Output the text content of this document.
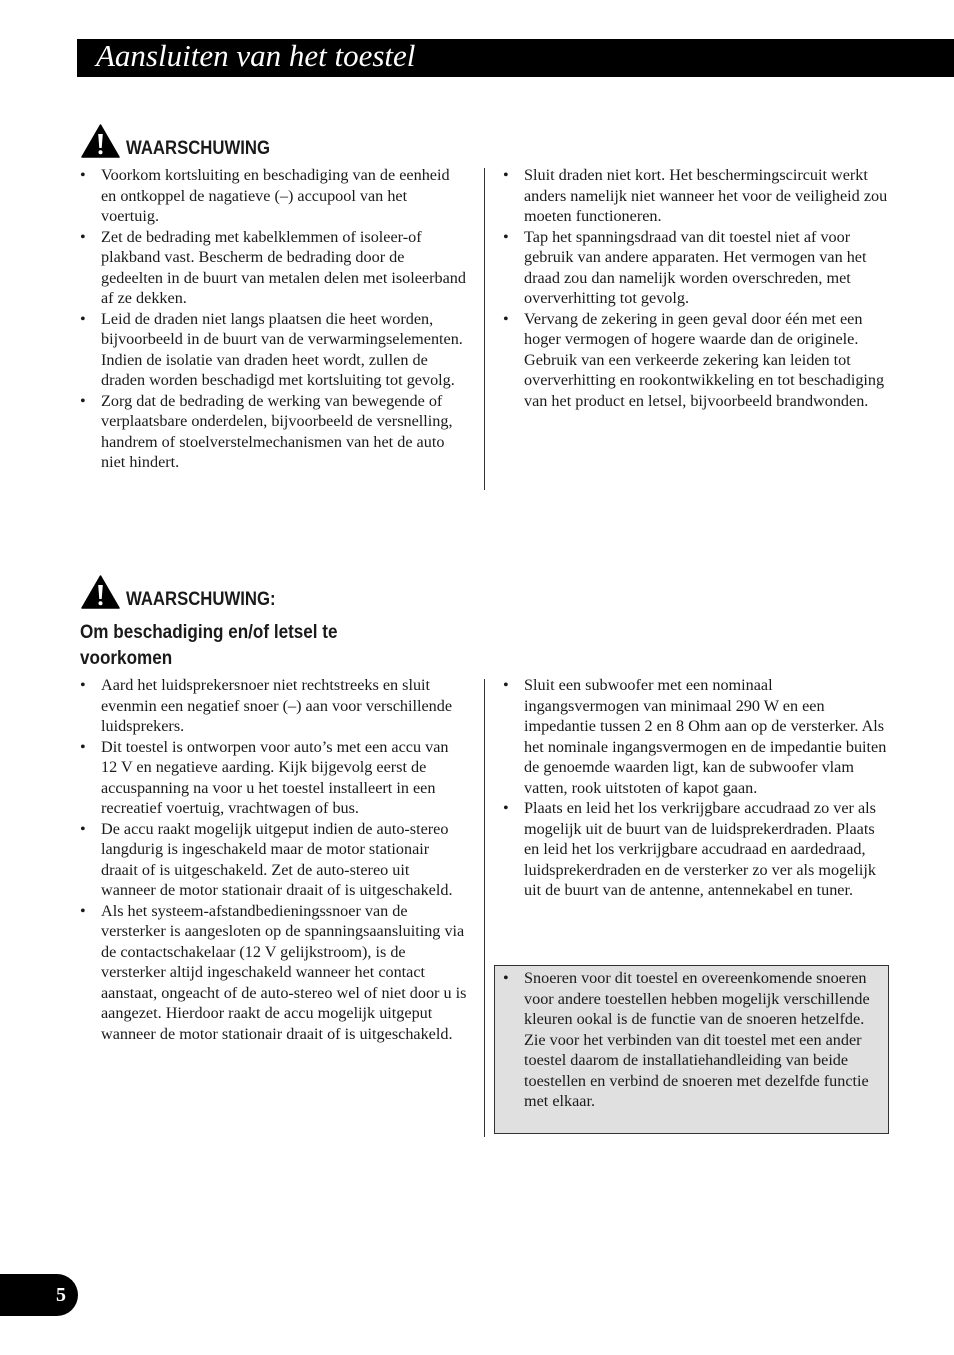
Aansluiten van het toestel
WAARSCHUWING
• Voorkom kortsluiting en beschadiging van de eenheid en ontkoppel de nagatieve (–) accupool van het voertuig.
• Zet de bedrading met kabelklemmen of isoleer-of plakband vast. Bescherm de bedrading door de gedeelten in de buurt van metalen delen met isoleerband af ze dekken.
• Leid de draden niet langs plaatsen die heet worden, bijvoorbeeld in de buurt van de verwarmingselementen. Indien de isolatie van draden heet wordt, zullen de draden worden beschadigd met kortsluiting tot gevolg.
• Zorg dat de bedrading de werking van bewegende of verplaatsbare onderdelen, bijvoorbeeld de versnelling, handrem of stoelverstelmechanismen van het de auto niet hindert.
• Sluit draden niet kort. Het beschermingscircuit werkt anders namelijk niet wanneer het voor de veiligheid zou moeten functioneren.
• Tap het spanningsdraad van dit toestel niet af voor gebruik van andere apparaten. Het vermogen van het draad zou dan namelijk worden overschreden, met oververhitting tot gevolg.
• Vervang de zekering in geen geval door één met een hoger vermogen of hogere waarde dan de originele. Gebruik van een verkeerde zekering kan leiden tot oververhitting en rookontwikkeling en tot beschadiging van het product en letsel, bijvoorbeeld brandwonden.
WAARSCHUWING:
Om beschadiging en/of letsel te voorkomen
• Aard het luidsprekersnoer niet rechtstreeks en sluit evenmin een negatief snoer (–) aan voor verschillende luidsprekers.
• Dit toestel is ontworpen voor auto’s met een accu van 12 V en negatieve aarding. Kijk bijgevolg eerst de accuspanning na voor u het toestel installeert in een recreatief voertuig, vrachtwagen of bus.
• De accu raakt mogelijk uitgeput indien de auto-stereo langdurig is ingeschakeld maar de motor stationair draait of is uitgeschakeld. Zet de auto-stereo uit wanneer de motor stationair draait of is uitgeschakeld.
• Als het systeem-afstandbedieningssnoer van de versterker is aangesloten op de spanningsaansluiting via de contactschakelaar (12 V gelijkstroom), is de versterker altijd ingeschakeld wanneer het contact aanstaat, ongeacht of de auto-stereo wel of niet door u is aangezet. Hierdoor raakt de accu mogelijk uitgeput wanneer de motor stationair draait of is uitgeschakeld.
• Sluit een subwoofer met een nominaal ingangsvermogen van minimaal 290 W en een impedantie tussen 2 en 8 Ohm aan op de versterker. Als het nominale ingangsvermogen en de impedantie buiten de genoemde waarden ligt, kan de subwoofer vlam vatten, rook uitstoten of kapot gaan.
• Plaats en leid het los verkrijgbare accudraad zo ver als mogelijk uit de buurt van de luidsprekerdraden. Plaats en leid het los verkrijgbare accudraad en aardedraad, luidsprekerdraden en de versterker zo ver als mogelijk uit de buurt van de antenne, antennekabel en tuner.
• Snoeren voor dit toestel en overeenkomende snoeren voor andere toestellen hebben mogelijk verschillende kleuren ookal is de functie van de snoeren hetzelfde. Zie voor het verbinden van dit toestel met een ander toestel daarom de installatiehandleiding van beide toestellen en verbind de snoeren met dezelfde functie met elkaar.
5
